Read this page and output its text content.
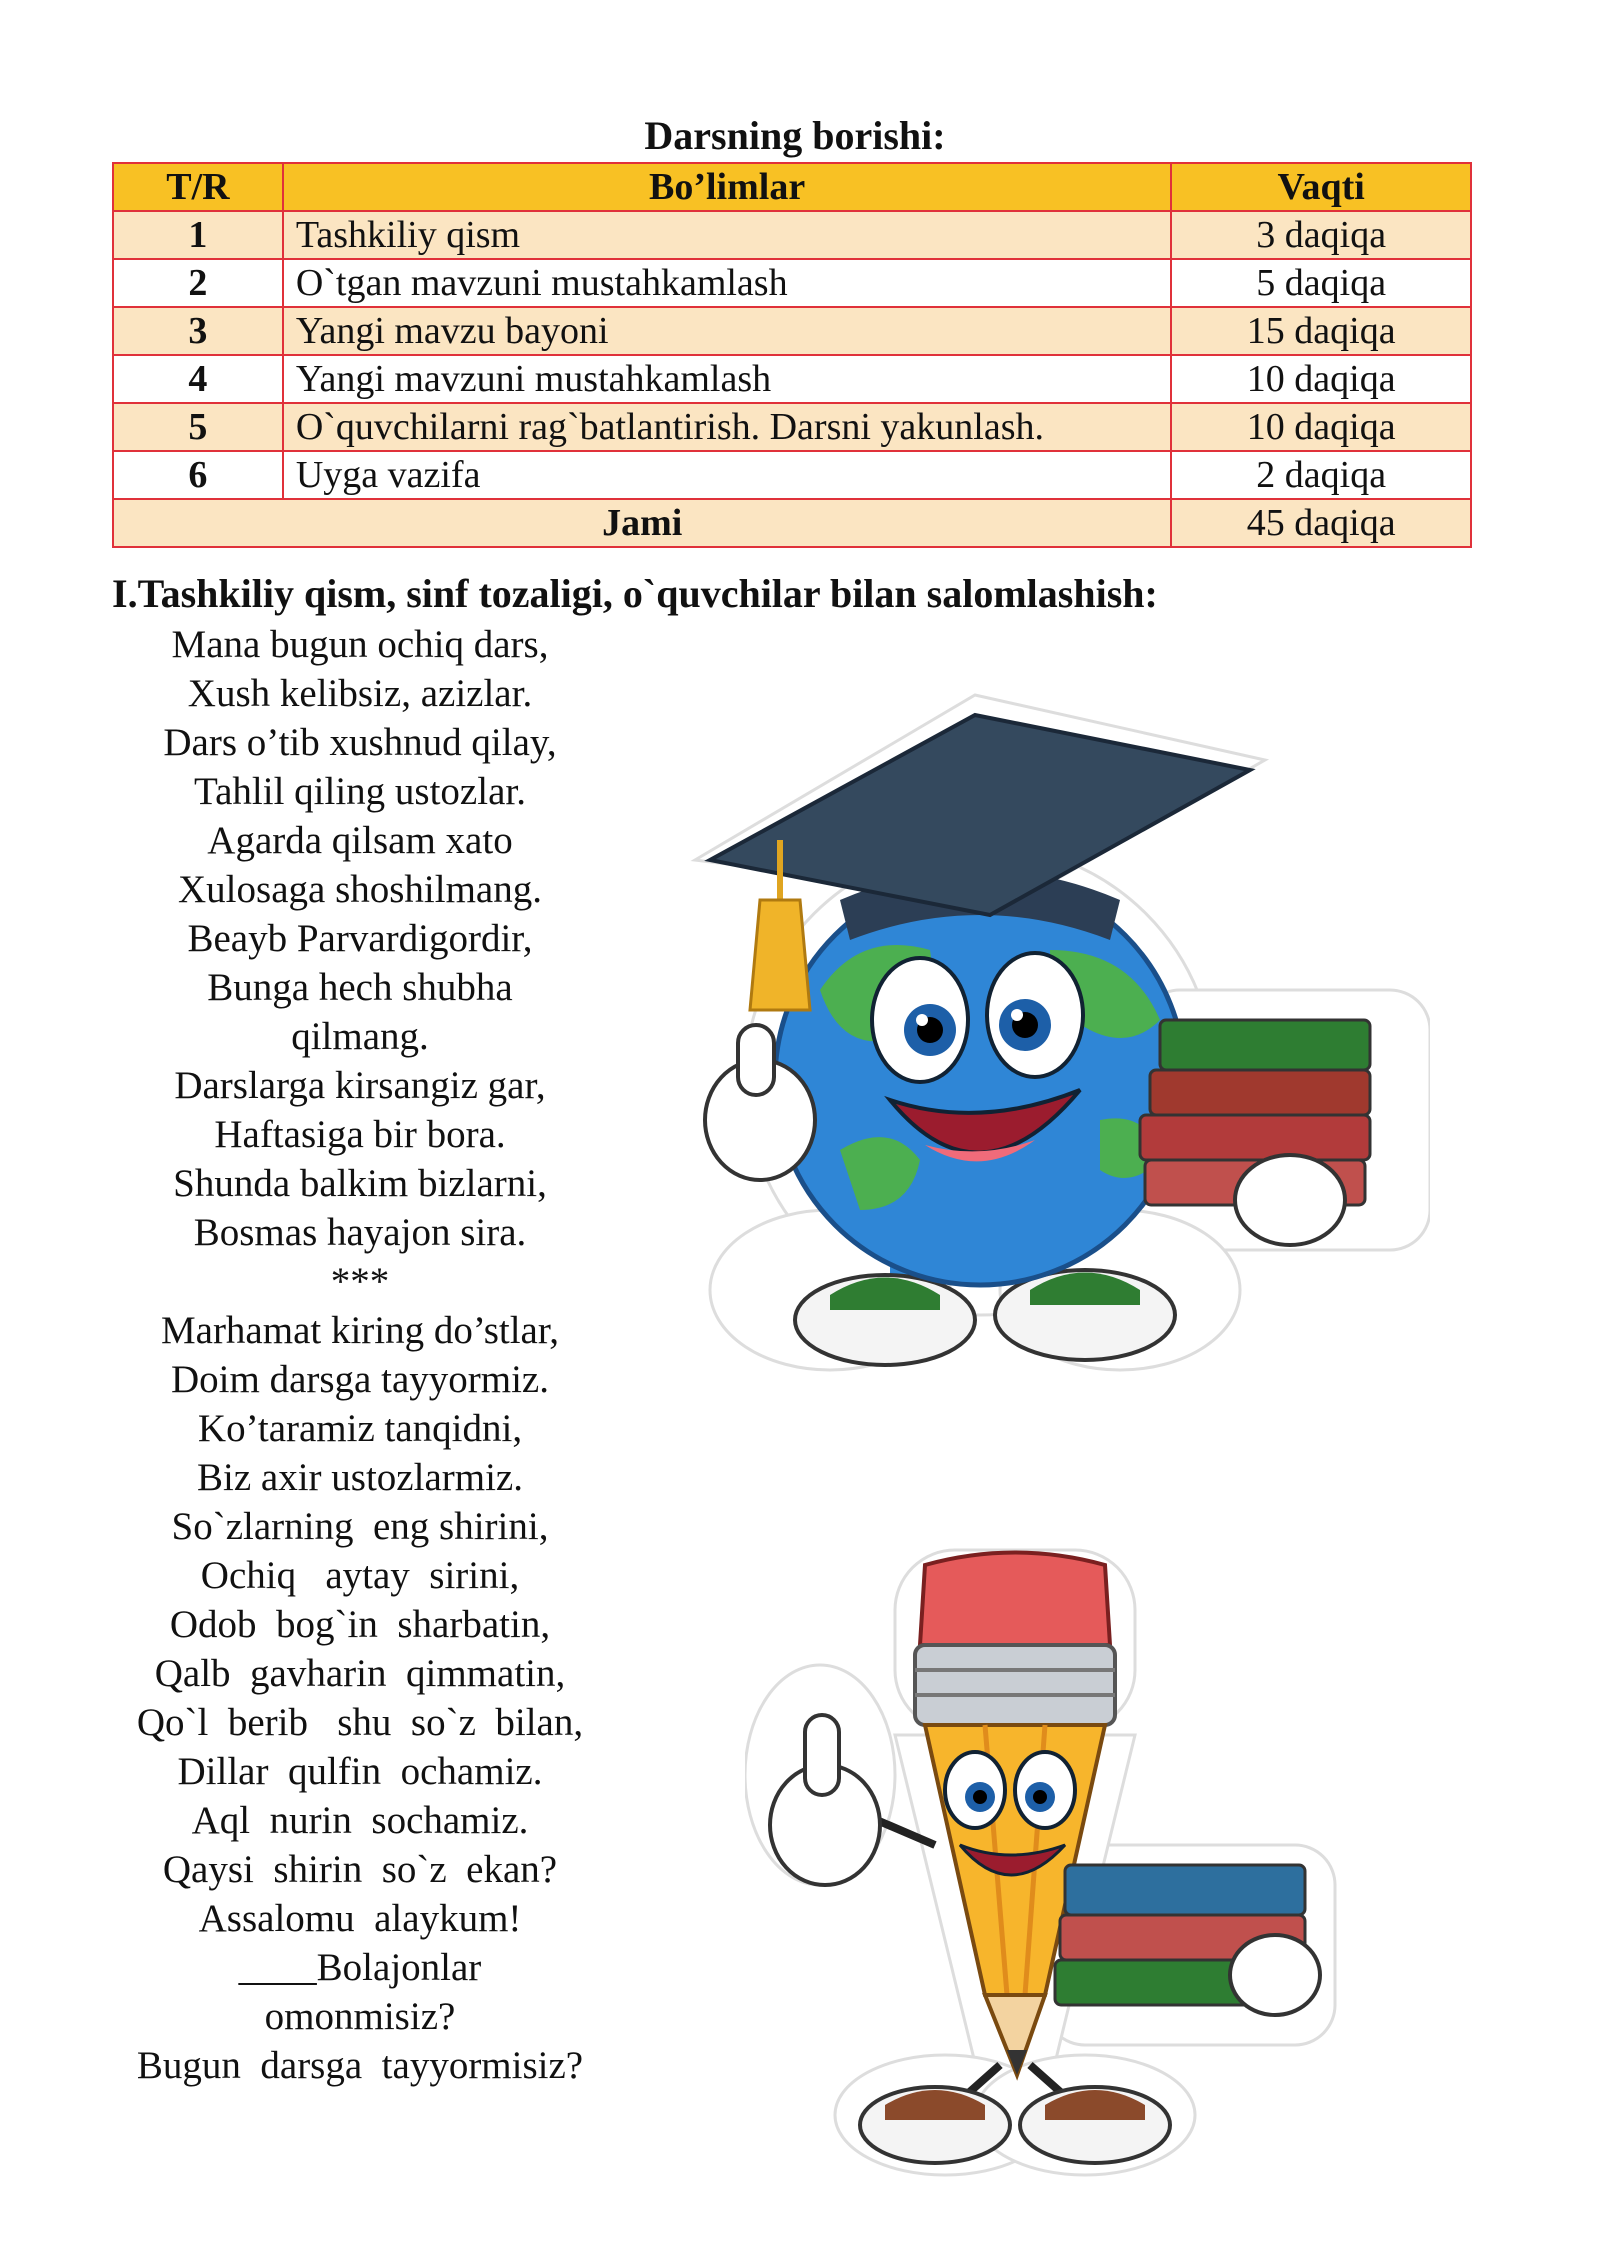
Darsning borishi:
T/R	Bo’limlar	Vaqti
1	Tashkiliy qism	3 daqiqa
2	O`tgan mavzuni mustahkamlash	5 daqiqa
3	Yangi mavzu bayoni	15 daqiqa
4	Yangi mavzuni mustahkamlash	10 daqiqa
5	O`quvchilarni rag`batlantirish. Darsni yakunlash.	10 daqiqa
6	Uyga vazifa	2 daqiqa
Jami		45 daqiqa
I.Tashkiliy qism, sinf tozaligi, o`quvchilar bilan salomlashish:
Mana bugun ochiq dars,
Xush kelibsiz, azizlar.
Dars o’tib xushnud qilay,
Tahlil qiling ustozlar.
Agarda qilsam xato
Xulosaga shoshilmang.
Beayb Parvardigordir,
Bunga hech shubha
qilmang.
Darslarga kirsangiz gar,
Haftasiga bir bora.
Shunda balkim bizlarni,
Bosmas hayajon sira.
***
Marhamat kiring do’stlar,
Doim darsga tayyormiz.
Ko’taramiz tanqidni,
Biz axir ustozlarmiz.
So`zlarning  eng shirini,
Ochiq   aytay  sirini,
Odob  bog`in  sharbatin,
Qalb  gavharin  qimmatin,
Qo`l  berib   shu  so`z  bilan,
Dillar  qulfin  ochamiz.
Aql  nurin  sochamiz.
Qaysi  shirin  so`z  ekan?
Assalomu  alaykum!
____Bolajonlar
omonmisiz?
Bugun  darsga  tayyormisiz?
